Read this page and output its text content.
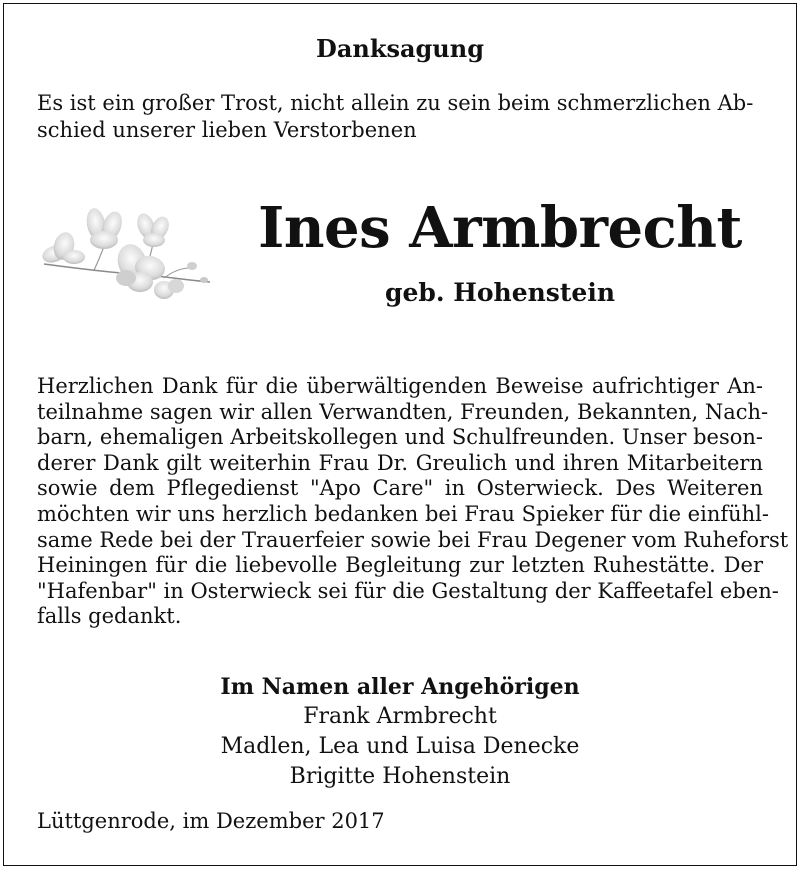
Danksagung
Es ist ein großer Trost, nicht allein zu sein beim schmerzlichen Ab-
schied unserer lieben Verstorbenen
Ines Armbrecht
geb. Hohenstein
Herzlichen Dank für die überwältigenden Beweise aufrichtiger An-
teilnahme sagen wir allen Verwandten, Freunden, Bekannten, Nach-
barn, ehemaligen Arbeitskollegen und Schulfreunden. Unser beson-
derer Dank gilt weiterhin Frau Dr. Greulich und ihren Mitarbeitern
sowie dem Pflegedienst "Apo Care" in Osterwieck. Des Weiteren
möchten wir uns herzlich bedanken bei Frau Spieker für die einfühl-
same Rede bei der Trauerfeier sowie bei Frau Degener vom Ruheforst
Heiningen für die liebevolle Begleitung zur letzten Ruhestätte. Der
"Hafenbar" in Osterwieck sei für die Gestaltung der Kaffeetafel eben-
falls gedankt.
Im Namen aller Angehörigen
Frank Armbrecht
Madlen, Lea und Luisa Denecke
Brigitte Hohenstein
Lüttgenrode, im Dezember 2017
